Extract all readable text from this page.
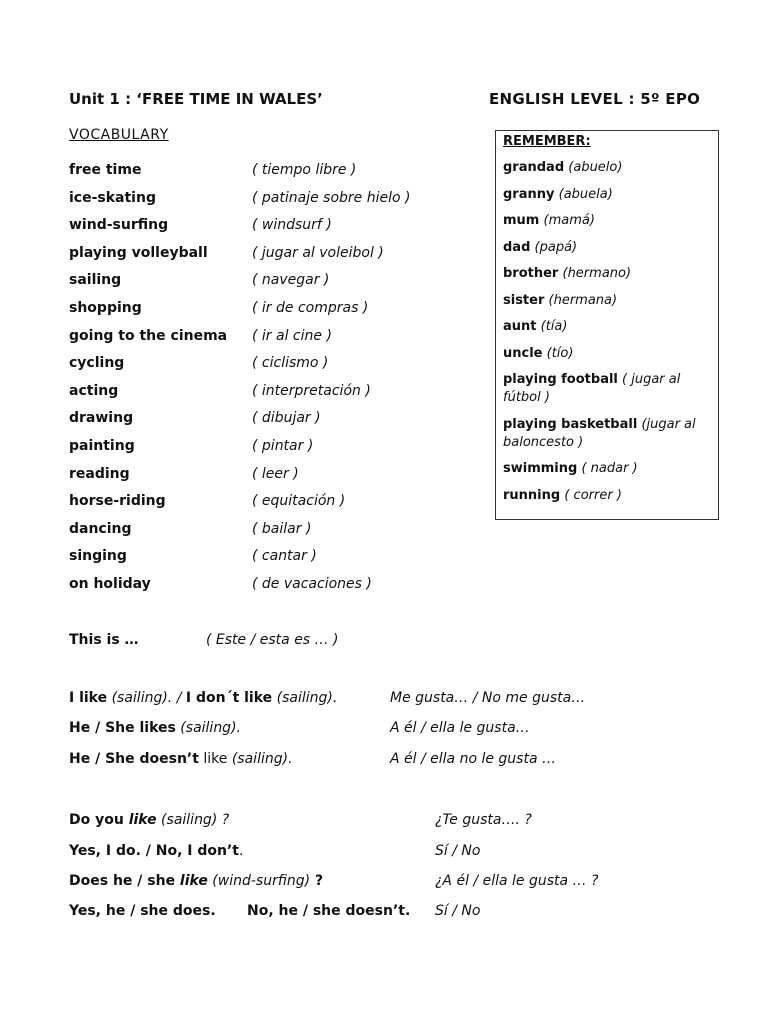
Unit 1 : ‘FREE TIME IN WALES’	ENGLISH LEVEL : 5º EPO
VOCABULARY
free time	( tiempo libre )
ice-skating	( patinaje sobre hielo )
wind-surfing	( windsurf )
playing volleyball	( jugar al voleibol )
sailing	( navegar )
shopping	( ir de compras )
going to the cinema ( ir al cine )
cycling	( ciclismo )
acting	( interpretación )
drawing	( dibujar )
painting	( pintar )
reading	( leer )
horse-riding	( equitación )
dancing	( bailar )
singing	( cantar )
on holiday	( de vacaciones )
REMEMBER:
grandad (abuelo)
granny (abuela)
mum (mamá)
dad (papá)
brother (hermano)
sister (hermana)
aunt (tía)
uncle (tío)
playing football ( jugar al fútbol )
playing basketball (jugar al baloncesto )
swimming ( nadar )
running ( correr )
This is …	( Este / esta es … )
I like (sailing). / I don´t like (sailing).	Me gusta… / No me gusta…
He / She likes (sailing).	A él / ella le gusta…
He / She doesn’t like (sailing).	A él / ella no le gusta …
Do you like (sailing) ?	¿Te gusta…. ?
Yes, I do. / No, I don’t.	Sí / No
Does he / she like (wind-surfing) ?	¿A él / ella le gusta … ?
Yes, he / she does. No, he / she doesn’t. Sí / No
